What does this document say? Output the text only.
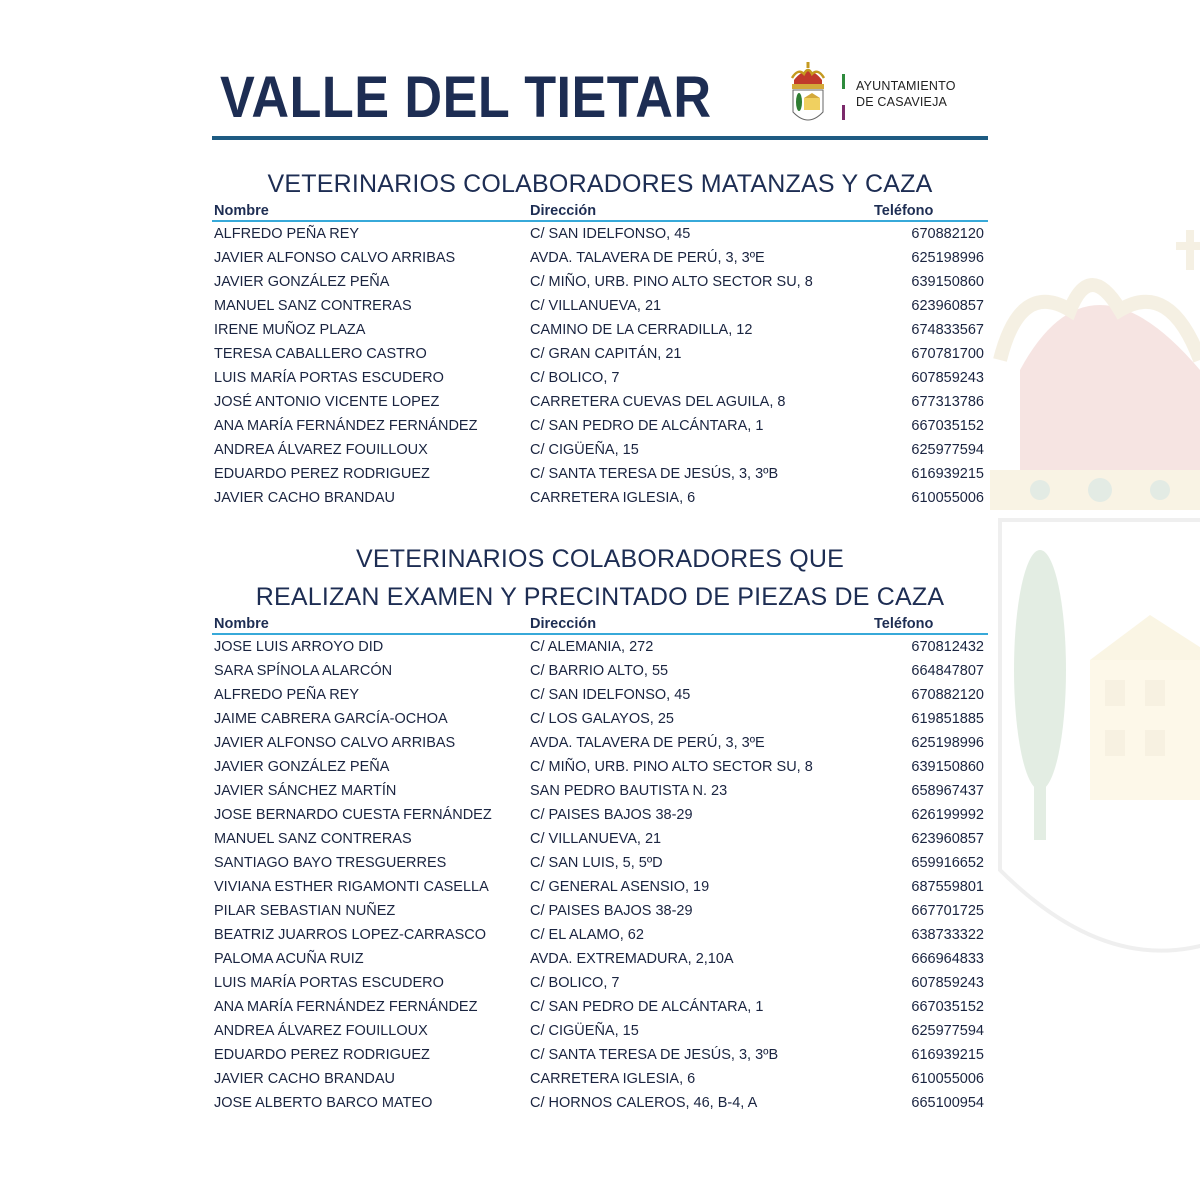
VALLE DEL TIETAR	AYUNTAMIENTO
DE CASAVIEJA
VETERINARIOS COLABORADORES MATANZAS Y CAZA
Nombre	Dirección	Teléfono
ALFREDO PEÑA REY	C/ SAN IDELFONSO, 45	670882120
JAVIER ALFONSO CALVO ARRIBAS	AVDA. TALAVERA DE PERÚ, 3, 3ºE	625198996
JAVIER GONZÁLEZ PEÑA	C/ MIÑO, URB. PINO ALTO SECTOR SU, 8	639150860
MANUEL SANZ CONTRERAS	C/ VILLANUEVA, 21	623960857
IRENE MUÑOZ PLAZA	CAMINO DE LA CERRADILLA, 12	674833567
TERESA CABALLERO CASTRO	C/ GRAN CAPITÁN, 21	670781700
LUIS MARÍA PORTAS ESCUDERO	C/ BOLICO, 7	607859243
JOSÉ ANTONIO VICENTE LOPEZ	CARRETERA CUEVAS DEL AGUILA, 8	677313786
ANA MARÍA FERNÁNDEZ FERNÁNDEZ	C/ SAN PEDRO DE ALCÁNTARA, 1	667035152
ANDREA ÁLVAREZ FOUILLOUX	C/ CIGÜEÑA, 15	625977594
EDUARDO PEREZ RODRIGUEZ	C/ SANTA TERESA DE JESÚS, 3, 3ºB	616939215
JAVIER CACHO BRANDAU	CARRETERA IGLESIA, 6	610055006
VETERINARIOS COLABORADORES QUE
REALIZAN EXAMEN Y PRECINTADO DE PIEZAS DE CAZA
Nombre	Dirección	Teléfono
JOSE LUIS ARROYO DID	C/ ALEMANIA, 272	670812432
SARA SPÍNOLA ALARCÓN	C/ BARRIO ALTO, 55	664847807
ALFREDO PEÑA REY	C/ SAN IDELFONSO, 45	670882120
JAIME CABRERA GARCÍA-OCHOA	C/ LOS GALAYOS, 25	619851885
JAVIER ALFONSO CALVO ARRIBAS	AVDA. TALAVERA DE PERÚ, 3, 3ºE	625198996
JAVIER GONZÁLEZ PEÑA	C/ MIÑO, URB. PINO ALTO SECTOR SU, 8	639150860
JAVIER SÁNCHEZ MARTÍN	SAN PEDRO BAUTISTA N. 23	658967437
JOSE BERNARDO CUESTA FERNÁNDEZ	C/ PAISES BAJOS 38-29	626199992
MANUEL SANZ CONTRERAS	C/ VILLANUEVA, 21	623960857
SANTIAGO BAYO TRESGUERRES	C/ SAN LUIS, 5, 5ºD	659916652
VIVIANA ESTHER RIGAMONTI CASELLA	C/ GENERAL ASENSIO, 19	687559801
PILAR SEBASTIAN NUÑEZ	C/ PAISES BAJOS 38-29	667701725
BEATRIZ JUARROS LOPEZ-CARRASCO	C/ EL ALAMO, 62	638733322
PALOMA ACUÑA RUIZ	AVDA. EXTREMADURA, 2,10A	666964833
LUIS MARÍA PORTAS ESCUDERO	C/ BOLICO, 7	607859243
ANA MARÍA FERNÁNDEZ FERNÁNDEZ	C/ SAN PEDRO DE ALCÁNTARA, 1	667035152
ANDREA ÁLVAREZ FOUILLOUX	C/ CIGÜEÑA, 15	625977594
EDUARDO PEREZ RODRIGUEZ	C/ SANTA TERESA DE JESÚS, 3, 3ºB	616939215
JAVIER CACHO BRANDAU	CARRETERA IGLESIA, 6	610055006
JOSE ALBERTO BARCO MATEO	C/ HORNOS CALEROS, 46, B-4, A	665100954
